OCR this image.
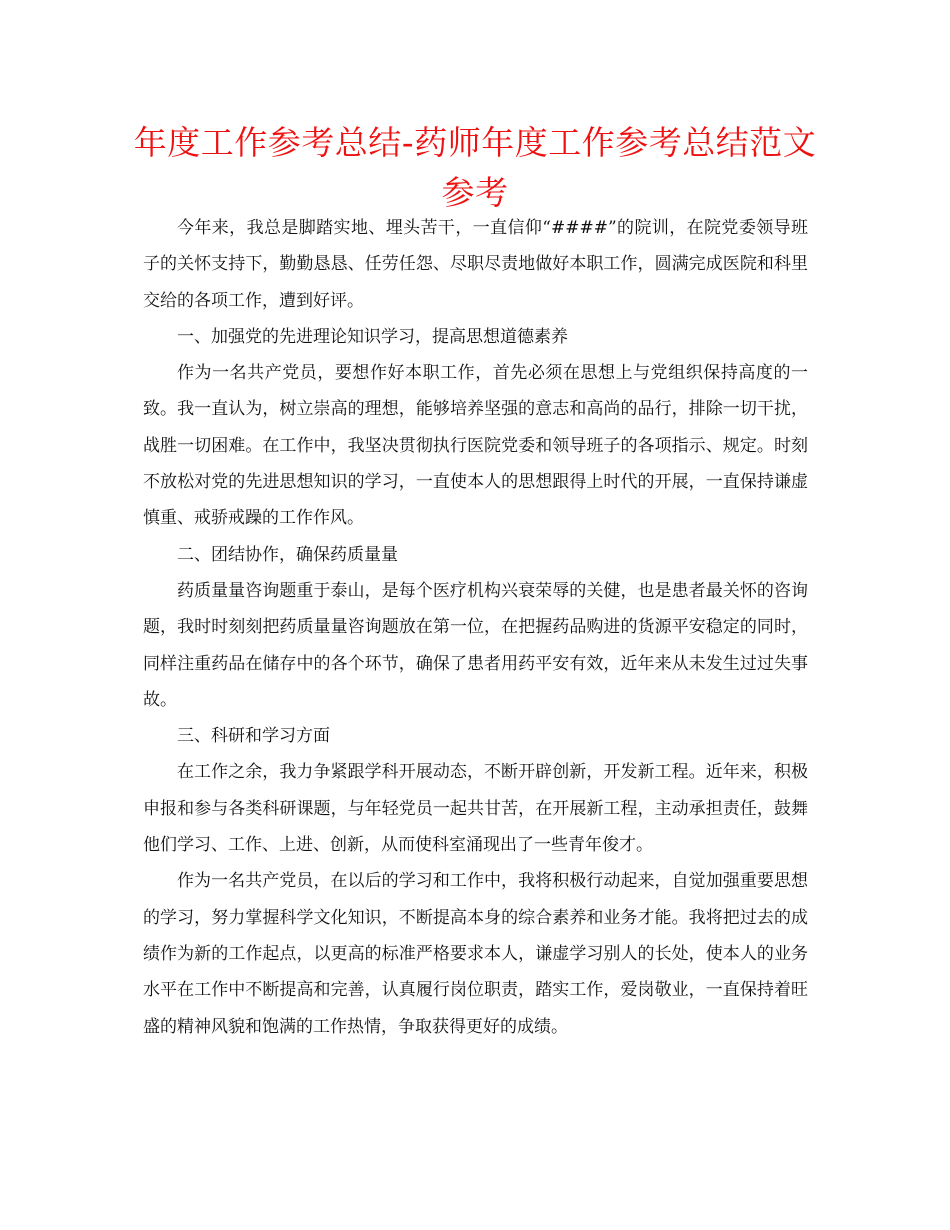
年度工作参考总结-药师年度工作参考总结范文参考

今年来，我总是脚踏实地、埋头苦干，一直信仰“####”的院训，在院党委领导班子的关怀支持下，勤勤恳恳、任劳任怨、尽职尽责地做好本职工作，圆满完成医院和科里交给的各项工作，遭到好评。

一、加强党的先进理论知识学习，提高思想道德素养

作为一名共产党员，要想作好本职工作，首先必须在思想上与党组织保持高度的一致。我一直认为，树立崇高的理想，能够培养坚强的意志和高尚的品行，排除一切干扰，战胜一切困难。在工作中，我坚决贯彻执行医院党委和领导班子的各项指示、规定。时刻不放松对党的先进思想知识的学习，一直使本人的思想跟得上时代的开展，一直保持谦虚慎重、戒骄戒躁的工作作风。

二、团结协作，确保药质量量

药质量量咨询题重于泰山，是每个医疗机构兴衰荣辱的关健，也是患者最关怀的咨询题，我时时刻刻把药质量量咨询题放在第一位，在把握药品购进的货源平安稳定的同时，同样注重药品在储存中的各个环节，确保了患者用药平安有效，近年来从未发生过过失事故。

三、科研和学习方面

在工作之余，我力争紧跟学科开展动态，不断开辟创新，开发新工程。近年来，积极申报和参与各类科研课题，与年轻党员一起共甘苦，在开展新工程，主动承担责任，鼓舞他们学习、工作、上进、创新，从而使科室涌现出了一些青年俊才。

作为一名共产党员，在以后的学习和工作中，我将积极行动起来，自觉加强重要思想的学习，努力掌握科学文化知识，不断提高本身的综合素养和业务才能。我将把过去的成绩作为新的工作起点，以更高的标准严格要求本人，谦虚学习别人的长处，使本人的业务水平在工作中不断提高和完善，认真履行岗位职责，踏实工作，爱岗敬业，一直保持着旺盛的精神风貌和饱满的工作热情，争取获得更好的成绩。
